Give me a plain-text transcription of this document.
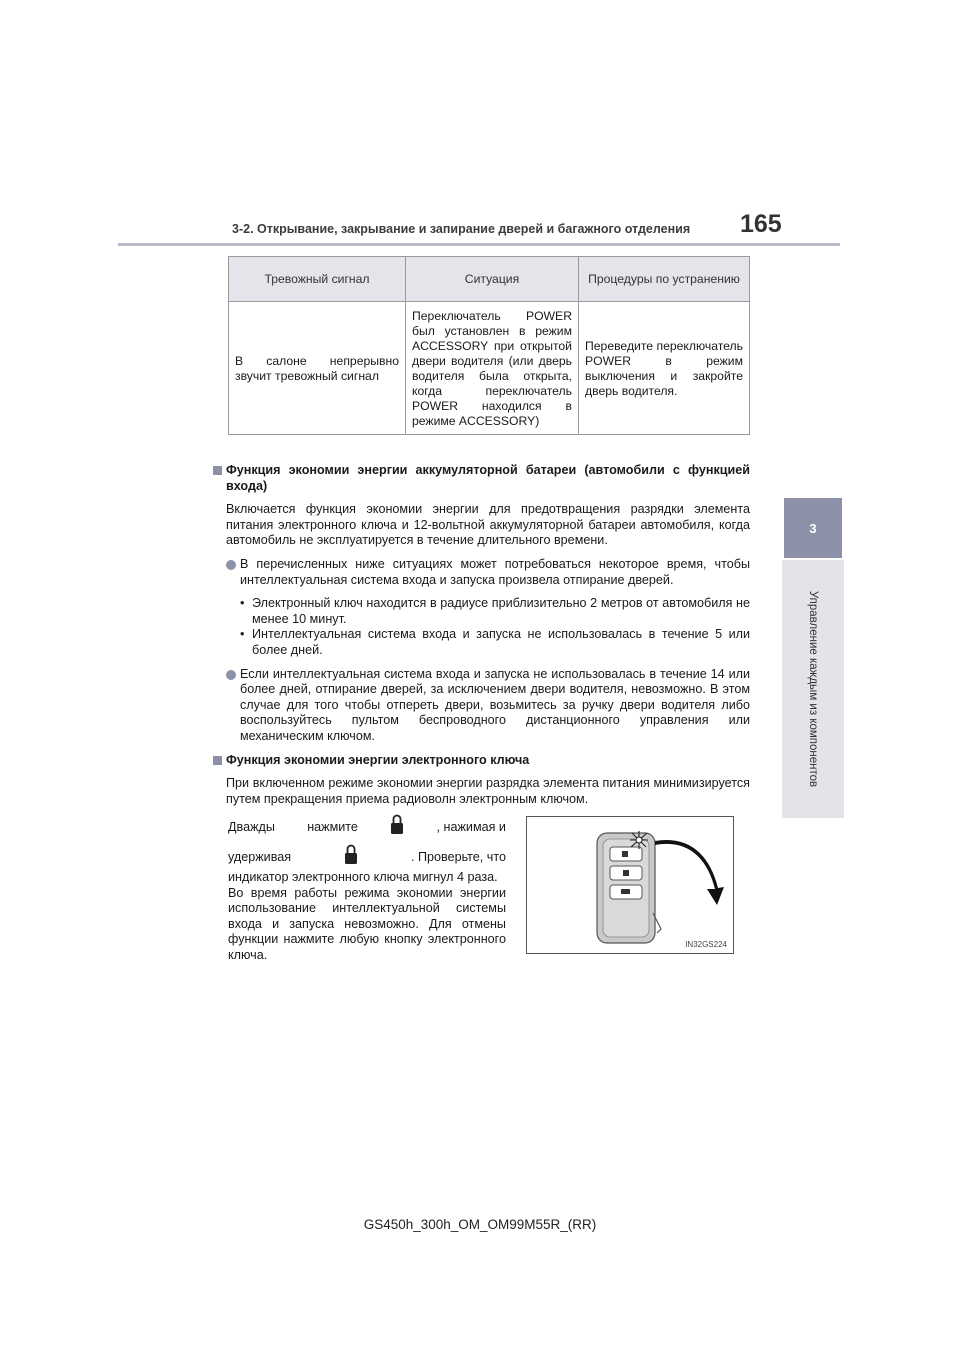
3-2. Открывание, закрывание и запирание дверей и багажного отделения 165
3
Управление каждым из компонентов
Тревожный сигнал	Ситуация	Процедуры по устранению
В салоне непрерывно звучит тревожный сигнал	Переключатель POWER был установлен в режим ACCESSORY при открытой двери водителя (или дверь водителя была открыта, когда переключатель POWER находился в режиме ACCESSORY)	Переведите переключатель POWER в режим выключения и закройте дверь водителя.
Функция экономии энергии аккумуляторной батареи (автомобили с функцией входа)
Включается функция экономии энергии для предотвращения разрядки элемента питания электронного ключа и 12-вольтной аккумуляторной батареи автомобиля, когда автомобиль не эксплуатируется в течение длительного времени.
В перечисленных ниже ситуациях может потребоваться некоторое время, чтобы интеллектуальная система входа и запуска произвела отпирание дверей.
• Электронный ключ находится в радиусе приблизительно 2 метров от автомобиля не менее 10 минут.
• Интеллектуальная система входа и запуска не использовалась в течение 5 или более дней.
Если интеллектуальная система входа и запуска не использовалась в течение 14 или более дней, отпирание дверей, за исключением двери водителя, невозможно. В этом случае для того чтобы отпереть двери, возьмитесь за ручку двери водителя либо воспользуйтесь пультом беспроводного дистанционного управления или механическим ключом.
Функция экономии энергии электронного ключа
При включенном режиме экономии энергии разрядка элемента питания минимизируется путем прекращения приема радиоволн электронным ключом.
Дважды	нажмите	, нажимая и
удерживая	. Проверьте, что
индикатор электронного ключа мигнул 4 раза.
Во время работы режима экономии энергии использование интеллектуальной системы входа и запуска невозможно. Для отмены функции нажмите любую кнопку электронного ключа.
IN32GS224
GS450h_300h_OM_OM99M55R_(RR)
